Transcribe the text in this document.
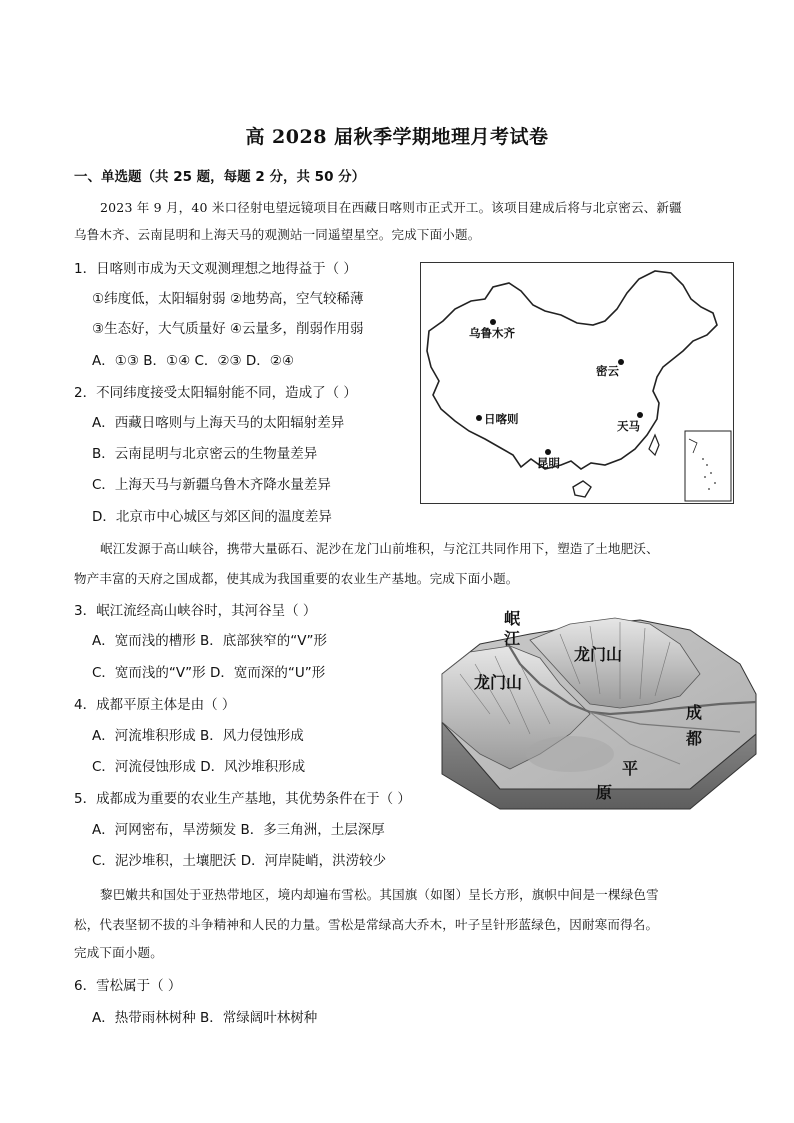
高 2028 届秋季学期地理月考试卷
一、单选题（共 25 题，每题 2 分，共 50 分）
2023 年 9 月，40 米口径射电望远镜项目在西藏日喀则市正式开工。该项目建成后将与北京密云、新疆
乌鲁木齐、云南昆明和上海天马的观测站一同遥望星空。完成下面小题。
1．日喀则市成为天文观测理想之地得益于（ ）
①纬度低，太阳辐射弱 ②地势高，空气较稀薄
③生态好，大气质量好 ④云量多，削弱作用弱
A．①③ B．①④ C．②③ D．②④
2．不同纬度接受太阳辐射能不同，造成了（ ）
A．西藏日喀则与上海天马的太阳辐射差异
B．云南昆明与北京密云的生物量差异
C．上海天马与新疆乌鲁木齐降水量差异
D．北京市中心城区与郊区间的温度差异
乌鲁木齐
密云
日喀则	天马
昆明
岷江发源于高山峡谷，携带大量砾石、泥沙在龙门山前堆积，与沱江共同作用下，塑造了土地肥沃、
物产丰富的天府之国成都，使其成为我国重要的农业生产基地。完成下面小题。
3．岷江流经高山峡谷时，其河谷呈（ ）
A．宽而浅的槽形 B．底部狭窄的“V”形
C．宽而浅的“V”形 D．宽而深的“U”形
4．成都平原主体是由（ ）
A．河流堆积形成 B．风力侵蚀形成
C．河流侵蚀形成 D．风沙堆积形成
5．成都成为重要的农业生产基地，其优势条件在于（ ）
A．河网密布，旱涝频发 B．多三角洲，土层深厚
C．泥沙堆积，土壤肥沃 D．河岸陡峭，洪涝较少
岷
江
龙门山
龙门山
成
都
平
原
黎巴嫩共和国处于亚热带地区，境内却遍布雪松。其国旗（如图）呈长方形，旗帜中间是一棵绿色雪
松，代表坚韧不拔的斗争精神和人民的力量。雪松是常绿高大乔木，叶子呈针形蓝绿色，因耐寒而得名。
完成下面小题。
6．雪松属于（ ）
A．热带雨林树种 B．常绿阔叶林树种
